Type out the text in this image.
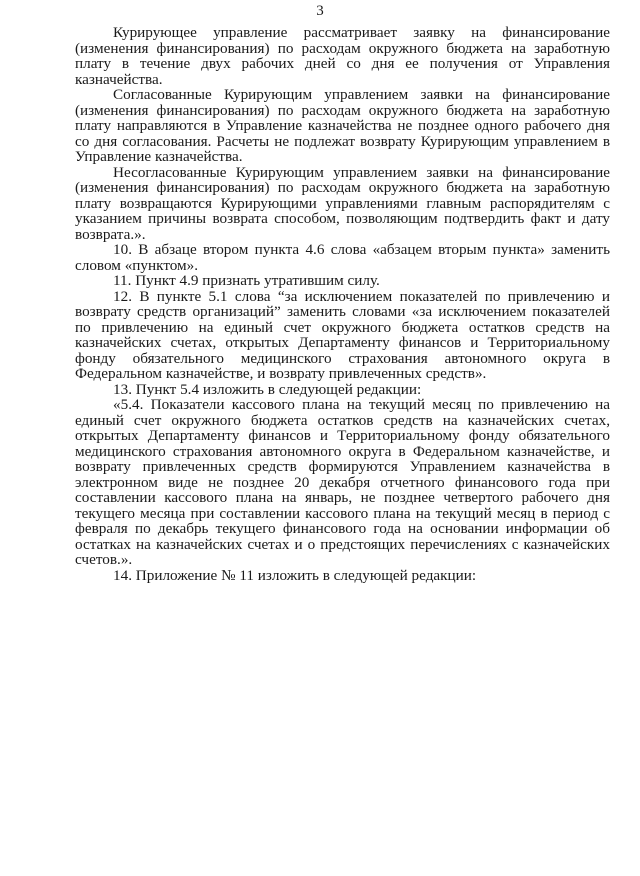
3

Курирующее управление рассматривает заявку на финансирование (изменения финансирования) по расходам окружного бюджета на заработную плату в течение двух рабочих дней со дня ее получения от Управления казначейства.

Согласованные Курирующим управлением заявки на финансирование (изменения финансирования) по расходам окружного бюджета на заработную плату направляются в Управление казначейства не позднее одного рабочего дня со дня согласования. Расчеты не подлежат возврату Курирующим управлением в Управление казначейства.

Несогласованные Курирующим управлением заявки на финансирование (изменения финансирования) по расходам окружного бюджета на заработную плату возвращаются Курирующими управлениями главным распорядителям с указанием причины возврата способом, позволяющим подтвердить факт и дату возврата.».

10. В абзаце втором пункта 4.6 слова «абзацем вторым пункта» заменить словом «пунктом».

11. Пункт 4.9 признать утратившим силу.

12. В пункте 5.1 слова “за исключением показателей по привлечению и возврату средств организаций” заменить словами «за исключением показателей по привлечению на единый счет окружного бюджета остатков средств на казначейских счетах, открытых Департаменту финансов и Территориальному фонду обязательного медицинского страхования автономного округа в Федеральном казначействе, и возврату привлеченных средств».

13. Пункт 5.4 изложить в следующей редакции:

«5.4. Показатели кассового плана на текущий месяц по привлечению на единый счет окружного бюджета остатков средств на казначейских счетах, открытых Департаменту финансов и Территориальному фонду обязательного медицинского страхования автономного округа в Федеральном казначействе, и возврату привлеченных средств формируются Управлением казначейства в электронном виде не позднее 20 декабря отчетного финансового года при составлении кассового плана на январь, не позднее четвертого рабочего дня текущего месяца при составлении кассового плана на текущий месяц в период с февраля по декабрь текущего финансового года на основании информации об остатках на казначейских счетах и о предстоящих перечислениях с казначейских счетов.».

14. Приложение № 11 изложить в следующей редакции:
